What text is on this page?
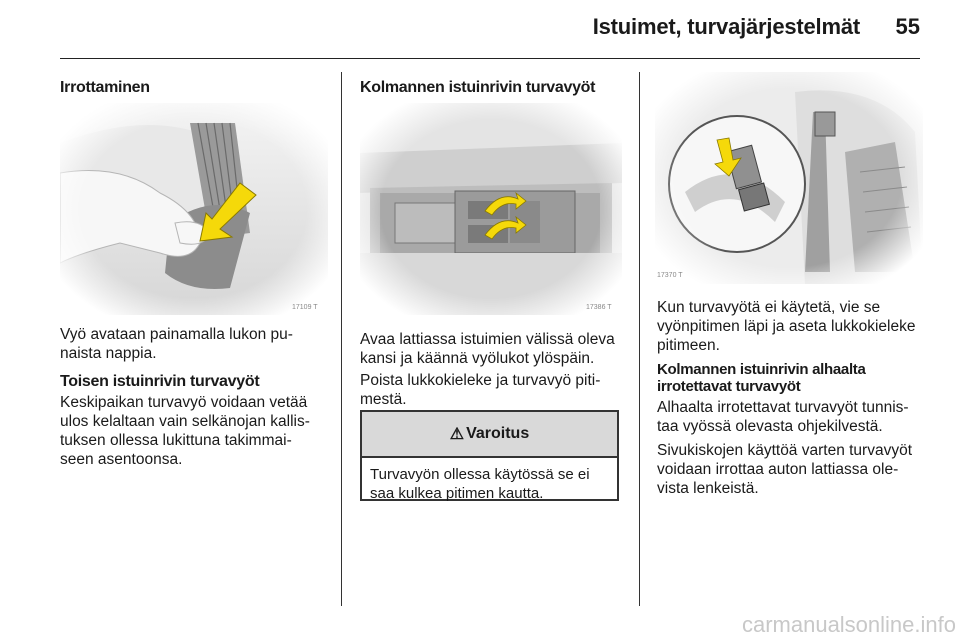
Istuimet, turvajärjestelmät	55
Irrottaminen
17109 T
Vyö avataan painamalla lukon pu-
naista nappia.
Toisen istuinrivin turvavyöt
Keskipaikan turvavyö voidaan vetää
ulos kelaltaan vain selkänojan kallis-
tuksen ollessa lukittuna takimmai-
seen asentoonsa.
Kolmannen istuinrivin turvavyöt
17386 T
Avaa lattiassa istuimien välissä oleva
kansi ja käännä vyölukot ylöspäin.
Poista lukkokieleke ja turvavyö piti-
mestä.
⚠ Varoitus
Turvavyön ollessa käytössä se ei
saa kulkea pitimen kautta.
17370 T
Kun turvavyötä ei käytetä, vie se
vyönpitimen läpi ja aseta lukkokieleke
pitimeen.
Kolmannen istuinrivin alhaalta
irrotettavat turvavyöt
Alhaalta irrotettavat turvavyöt tunnis-
taa vyössä olevasta ohjekilvestä.
Sivukiskojen käyttöä varten turvavyöt
voidaan irrottaa auton lattiassa ole-
vista lenkeistä.
carmanualsonline.info
